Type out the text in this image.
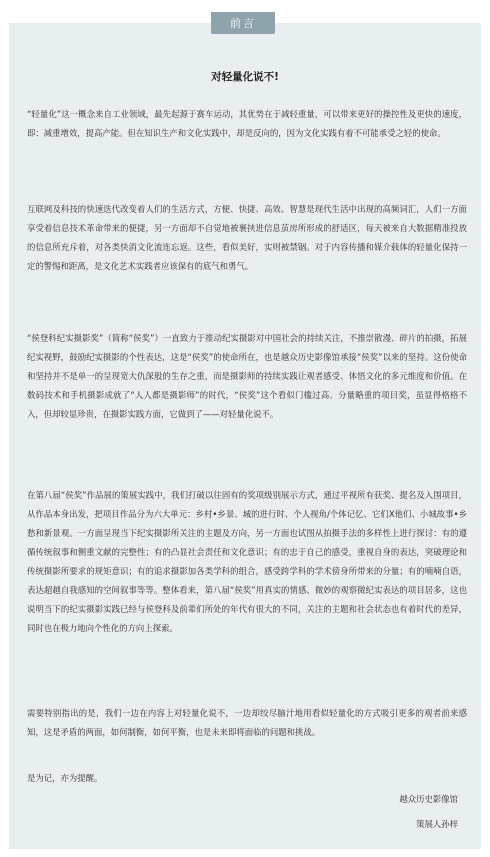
前言
对轻量化说不!
“轻量化”这一概念来自工业领域，最先起源于赛车运动，其优势在于减轻重量，可以带来更好的操控性及更快的速度，即：减重增效，提高产能。但在知识生产和文化实践中，却是反向的，因为文化实践有着不可能承受之轻的使命。
互联网及科技的快速迭代改变着人们的生活方式，方便、快捷、高效、智慧是现代生活中出现的高频词汇，人们一方面享受着信息技术革命带来的便捷，另一方面却不自觉地被裹挟进信息茧房所形成的舒适区，每天被来自大数据精准投放的信息所充斥着，对各类快消文化流连忘返。这些，看似美好，实则被禁锢。对于内容传播和媒介载体的轻量化保持一定的警惕和距离，是文化艺术实践者应该保有的底气和勇气。
“侯登科纪实摄影奖”（简称“侯奖”）一直致力于推动纪实摄影对中国社会的持续关注，不推崇散漫、碎片的拍摄，拓展纪实视野，鼓励纪实摄影的个性表达，这是“侯奖”的使命所在，也是越众历史影像馆承接“侯奖”以来的坚持。这份使命和坚持并不是单一的呈现宽大仇深般的生存之重，而是摄影师的持续实践让观者感受、体悟文化的多元维度和价值。在数码技术和手机摄影成就了“人人都是摄影师”的时代，“侯奖”这个看似门槛过高、分量略重的项目奖，虽显得格格不入，但却较显珍贵，在摄影实践方面，它做到了——对轻量化说不。
在第八届“侯奖”作品展的策展实践中，我们打破以往固有的奖项级别展示方式，通过平视所有获奖、提名及入围项目，从作品本身出发，把项目作品分为六大单元：乡村•乡景、城的进行时、个人视角/个体记忆、它们X他们、小城故事•乡愁和新景观。一方面呈现当下纪实摄影所关注的主题及方向，另一方面也试图从拍摄手法的多样性上进行探讨：有的遵循传统叙事和侧重文献的完整性；有的凸显社会责任和文化意识；有的忠于自己的感受，重视自身的表达，突破理论和传统摄影所要求的规矩意识；有的追求摄影加各类学科的组合，感受跨学科的学术傍身所带来的分量；有的喃喃自语，表达超越自我感知的空间叙事等等。整体看来，第八届“侯奖”用真实的情感、微妙的观察微纪实表达的项目居多，这也说明当下的纪实摄影实践已经与侯登科及前辈们所处的年代有很大的不同，关注的主题和社会状态也有着时代的差异，同时也在极力地向个性化的方向上探索。
需要特别指出的是，我们一边在内容上对轻量化说不，一边却绞尽脑汁地用看似轻量化的方式吸引更多的观者前来感知，这是矛盾的两面，如何制衡，如何平衡，也是未来即将面临的问题和挑战。
是为记，亦为提醒。
越众历史影像馆
策展人孙梓
